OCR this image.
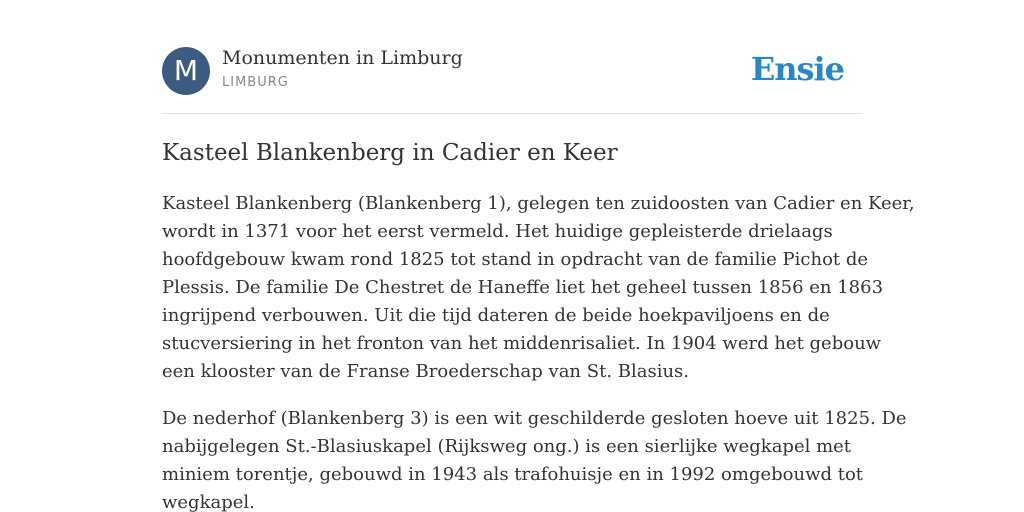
M	Monumenten in Limburg
LIMBURG	Ensie
Kasteel Blankenberg in Cadier en Keer

Kasteel Blankenberg (Blankenberg 1), gelegen ten zuidoosten van Cadier en Keer,
wordt in 1371 voor het eerst vermeld. Het huidige gepleisterde drielaags
hoofdgebouw kwam rond 1825 tot stand in opdracht van de familie Pichot de
Plessis. De familie De Chestret de Haneffe liet het geheel tussen 1856 en 1863
ingrijpend verbouwen. Uit die tijd dateren de beide hoekpaviljoens en de
stucversiering in het fronton van het middenrisaliet. In 1904 werd het gebouw
een klooster van de Franse Broederschap van St. Blasius.

De nederhof (Blankenberg 3) is een wit geschilderde gesloten hoeve uit 1825. De
nabijgelegen St.-Blasiuskapel (Rijksweg ong.) is een sierlijke wegkapel met
miniem torentje, gebouwd in 1943 als trafohuisje en in 1992 omgebouwd tot
wegkapel.
